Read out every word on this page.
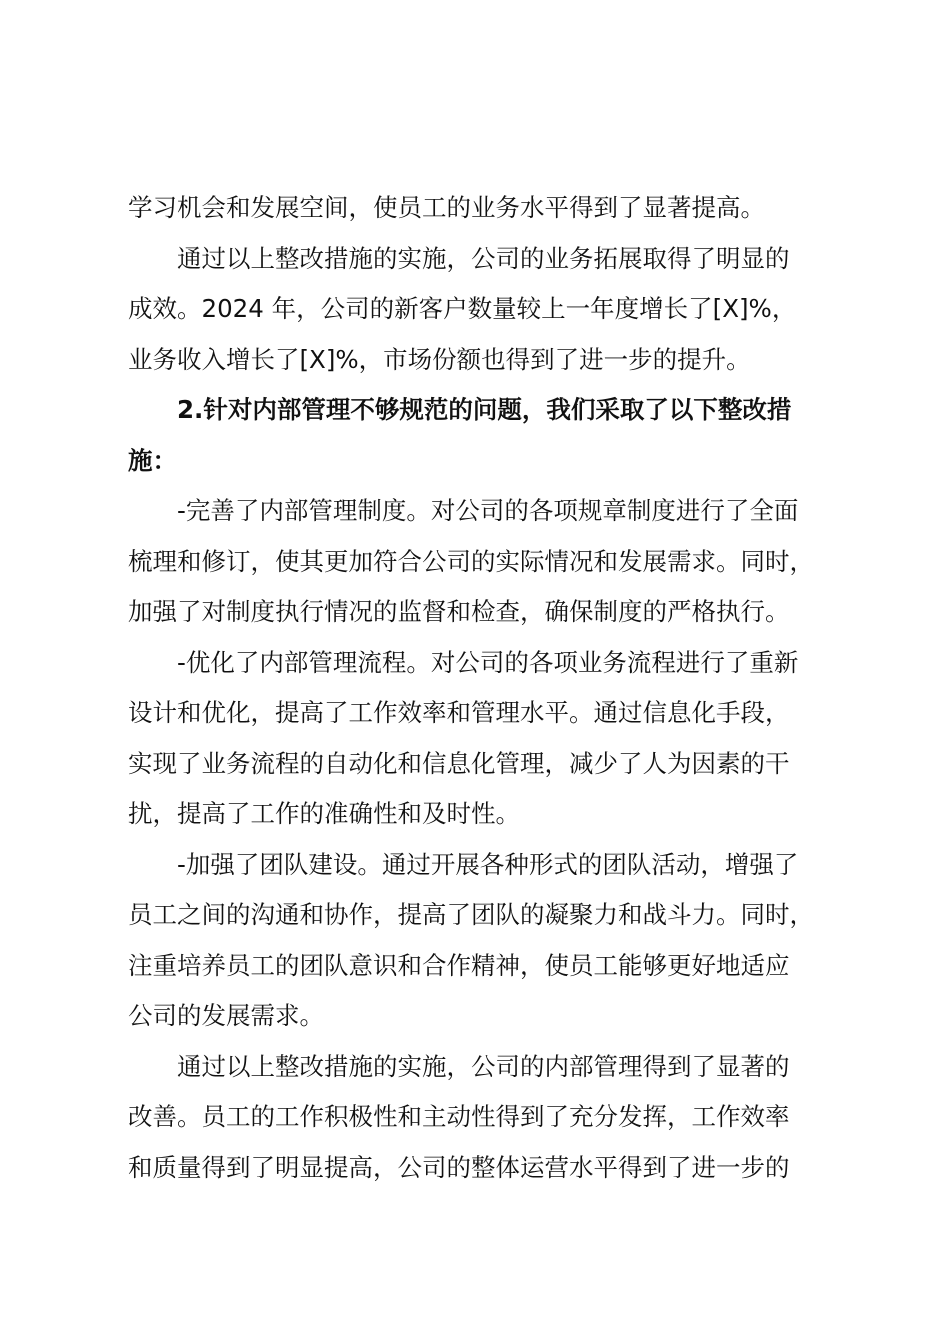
学习机会和发展空间，使员工的业务水平得到了显著提高。
通过以上整改措施的实施，公司的业务拓展取得了明显的
成效。2024 年，公司的新客户数量较上一年度增长了[X]%，
业务收入增长了[X]%，市场份额也得到了进一步的提升。
2.针对内部管理不够规范的问题，我们采取了以下整改措
施：
-完善了内部管理制度。对公司的各项规章制度进行了全面
梳理和修订，使其更加符合公司的实际情况和发展需求。同时，
加强了对制度执行情况的监督和检查，确保制度的严格执行。
-优化了内部管理流程。对公司的各项业务流程进行了重新
设计和优化，提高了工作效率和管理水平。通过信息化手段，
实现了业务流程的自动化和信息化管理，减少了人为因素的干
扰，提高了工作的准确性和及时性。
-加强了团队建设。通过开展各种形式的团队活动，增强了
员工之间的沟通和协作，提高了团队的凝聚力和战斗力。同时，
注重培养员工的团队意识和合作精神，使员工能够更好地适应
公司的发展需求。
通过以上整改措施的实施，公司的内部管理得到了显著的
改善。员工的工作积极性和主动性得到了充分发挥，工作效率
和质量得到了明显提高，公司的整体运营水平得到了进一步的
